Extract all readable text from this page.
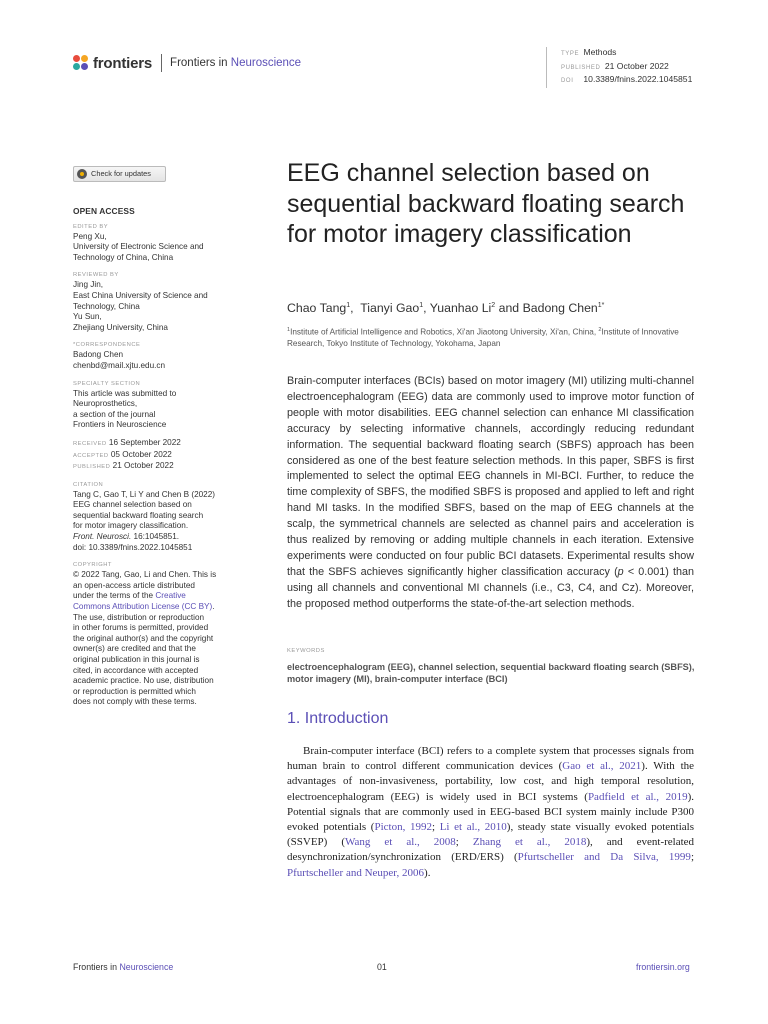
frontiers Frontiers in Neuroscience
TYPE Methods
PUBLISHED 21 October 2022
DOI 10.3389/fnins.2022.1045851
Check for updates
OPEN ACCESS
EDITED BY
Peng Xu,
University of Electronic Science and
Technology of China, China
REVIEWED BY
Jing Jin,
East China University of Science and
Technology, China
Yu Sun,
Zhejiang University, China
*CORRESPONDENCE
Badong Chen
chenbd@mail.xjtu.edu.cn
SPECIALTY SECTION
This article was submitted to
Neuroprosthetics,
a section of the journal
Frontiers in Neuroscience
RECEIVED 16 September 2022
ACCEPTED 05 October 2022
PUBLISHED 21 October 2022
CITATION
Tang C, Gao T, Li Y and Chen B (2022)
EEG channel selection based on
sequential backward floating search
for motor imagery classification.
Front. Neurosci. 16:1045851.
doi: 10.3389/fnins.2022.1045851
COPYRIGHT
© 2022 Tang, Gao, Li and Chen. This is
an open-access article distributed
under the terms of the Creative
Commons Attribution License (CC BY).
The use, distribution or reproduction
in other forums is permitted, provided
the original author(s) and the copyright
owner(s) are credited and that the
original publication in this journal is
cited, in accordance with accepted
academic practice. No use, distribution
or reproduction is permitted which
does not comply with these terms.
EEG channel selection based on sequential backward floating search for motor imagery classification
Chao Tang$^1$,  Tianyi Gao$^1$, Yuanhao Li$^2$ and Badong Chen$^{1*}$
$^1$Institute of Artificial Intelligence and Robotics, Xi'an Jiaotong University, Xi'an, China, $^2$Institute of Innovative Research, Tokyo Institute of Technology, Yokohama, Japan

Brain-computer interfaces (BCIs) based on motor imagery (MI) utilizing multi-channel electroencephalogram (EEG) data are commonly used to improve motor function of people with motor disabilities. EEG channel selection can enhance MI classification accuracy by selecting informative channels, accordingly reducing redundant information. The sequential backward floating search (SBFS) approach has been considered as one of the best feature selection methods. In this paper, SBFS is first implemented to select the optimal EEG channels in MI-BCI. Further, to reduce the time complexity of SBFS, the modified SBFS is proposed and applied to left and right hand MI tasks. In the modified SBFS, based on the map of EEG channels at the scalp, the symmetrical channels are selected as channel pairs and acceleration is thus realized by removing or adding multiple channels in each iteration. Extensive experiments were conducted on four public BCI datasets. Experimental results show that the SBFS achieves significantly higher classification accuracy (p < 0.001) than using all channels and conventional MI channels (i.e., C3, C4, and Cz). Moreover, the proposed method outperforms the state-of-the-art selection methods.

KEYWORDS
electroencephalogram (EEG), channel selection, sequential backward floating search (SBFS), motor imagery (MI), brain-computer interface (BCI)
1. Introduction

Brain-computer interface (BCI) refers to a complete system that processes signals from human brain to control different communication devices (Gao et al., 2021). With the advantages of non-invasiveness, portability, low cost, and high temporal resolution, electroencephalogram (EEG) is widely used in BCI systems (Padfield et al., 2019). Potential signals that are commonly used in EEG-based BCI system mainly include P300 evoked potentials (Picton, 1992; Li et al., 2010), steady state visually evoked potentials (SSVEP) (Wang et al., 2008; Zhang et al., 2018), and event-related desynchronization/synchronization (ERD/ERS) (Pfurtscheller and Da Silva, 1999; Pfurtscheller and Neuper, 2006).

Frontiers in Neuroscience	01	frontiersin.org
